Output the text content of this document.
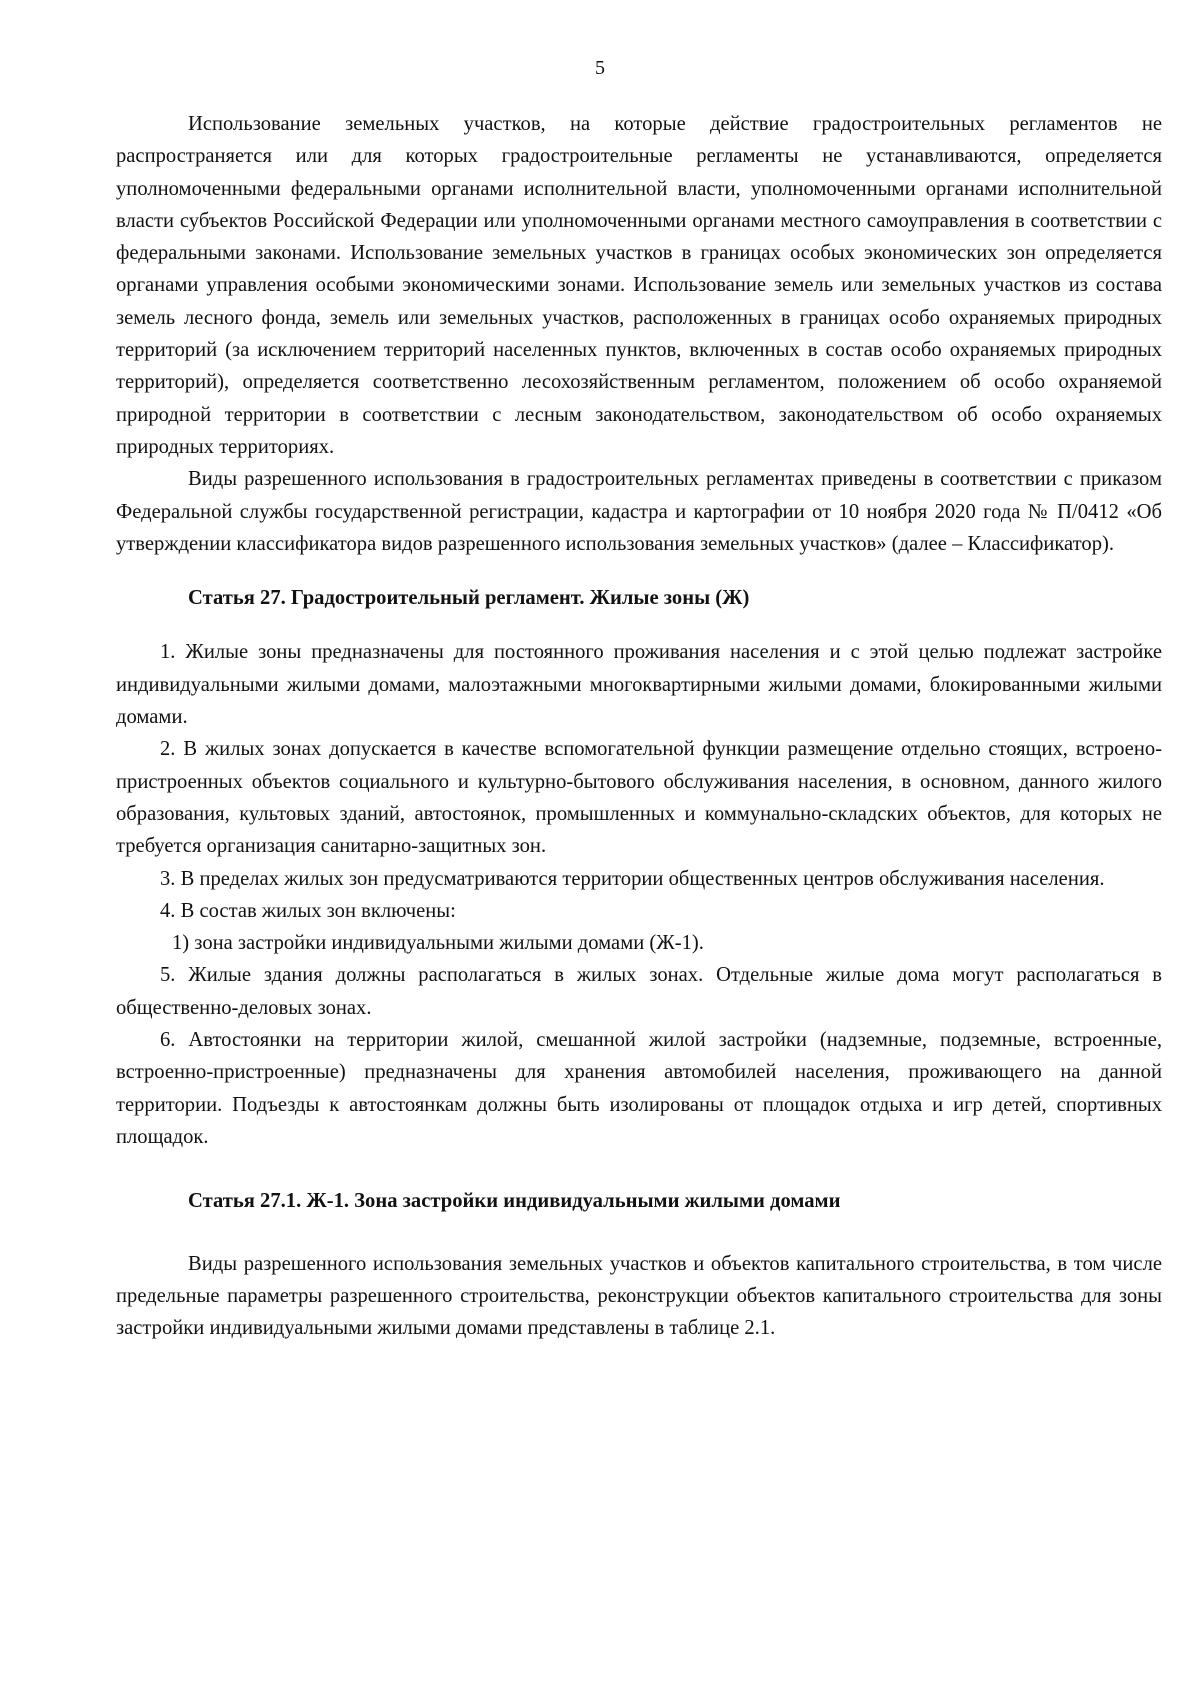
5

Использование земельных участков, на которые действие градостроительных регламентов не распространяется или для которых градостроительные регламенты не устанавливаются, определяется уполномоченными федеральными органами исполнительной власти, уполномоченными органами исполнительной власти субъектов Российской Федерации или уполномоченными органами местного самоуправления в соответствии с федеральными законами. Использование земельных участков в границах особых экономических зон определяется органами управления особыми экономическими зонами. Использование земель или земельных участков из состава земель лесного фонда, земель или земельных участков, расположенных в границах особо охраняемых природных территорий (за исключением территорий населенных пунктов, включенных в состав особо охраняемых природных территорий), определяется соответственно лесохозяйственным регламентом, положением об особо охраняемой природной территории в соответствии с лесным законодательством, законодательством об особо охраняемых природных территориях.

Виды разрешенного использования в градостроительных регламентах приведены в соответствии с приказом Федеральной службы государственной регистрации, кадастра и картографии от 10 ноября 2020 года № П/0412 «Об утверждении классификатора видов разрешенного использования земельных участков» (далее – Классификатор).

Статья 27. Градостроительный регламент. Жилые зоны (Ж)

1. Жилые зоны предназначены для постоянного проживания населения и с этой целью подлежат застройке индивидуальными жилыми домами, малоэтажными многоквартирными жилыми домами, блокированными жилыми домами.

2. В жилых зонах допускается в качестве вспомогательной функции размещение отдельно стоящих, встроено-пристроенных объектов социального и культурно-бытового обслуживания населения, в основном, данного жилого образования, культовых зданий, автостоянок, промышленных и коммунально-складских объектов, для которых не требуется организация санитарно-защитных зон.

3. В пределах жилых зон предусматриваются территории общественных центров обслуживания населения.

4. В состав жилых зон включены:

1) зона застройки индивидуальными жилыми домами (Ж-1).

5. Жилые здания должны располагаться в жилых зонах. Отдельные жилые дома могут располагаться в общественно-деловых зонах.

6. Автостоянки на территории жилой, смешанной жилой застройки (надземные, подземные, встроенные, встроенно-пристроенные) предназначены для хранения автомобилей населения, проживающего на данной территории. Подъезды к автостоянкам должны быть изолированы от площадок отдыха и игр детей, спортивных площадок.

Статья 27.1. Ж-1. Зона застройки индивидуальными жилыми домами

Виды разрешенного использования земельных участков и объектов капитального строительства, в том числе предельные параметры разрешенного строительства, реконструкции объектов капитального строительства для зоны застройки индивидуальными жилыми домами представлены в таблице 2.1.
